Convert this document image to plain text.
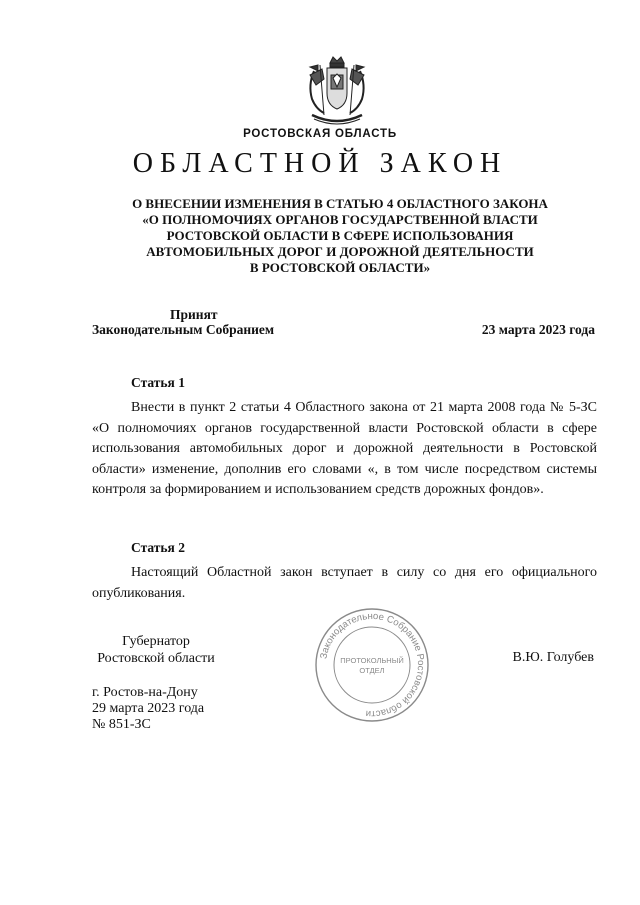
РОСТОВСКАЯ ОБЛАСТЬ
ОБЛАСТНОЙ ЗАКОН
О ВНЕСЕНИИ ИЗМЕНЕНИЯ В СТАТЬЮ 4 ОБЛАСТНОГО ЗАКОНА
«О ПОЛНОМОЧИЯХ ОРГАНОВ ГОСУДАРСТВЕННОЙ ВЛАСТИ
РОСТОВСКОЙ ОБЛАСТИ В СФЕРЕ ИСПОЛЬЗОВАНИЯ
АВТОМОБИЛЬНЫХ ДОРОГ И ДОРОЖНОЙ ДЕЯТЕЛЬНОСТИ
В РОСТОВСКОЙ ОБЛАСТИ»
Принят
Законодательным Собранием	23 марта 2023 года
Статья 1
Внести в пункт 2 статьи 4 Областного закона от 21 марта 2008 года № 5-ЗС «О полномочиях органов государственной власти Ростовской области в сфере использования автомобильных дорог и дорожной деятельности в Ростовской области» изменение, дополнив его словами «, в том числе посредством системы контроля за формированием и использованием средств дорожных фондов».
Статья 2
Настоящий Областной закон вступает в силу со дня его официального опубликования.
Губернатор
Ростовской области	Законодательное Собрание Ростовской области
ПРОТОКОЛЬНЫЙ
ОТДЕЛ
В.Ю. Голубев
г. Ростов-на-Дону
29 марта 2023 года
№ 851-ЗС
